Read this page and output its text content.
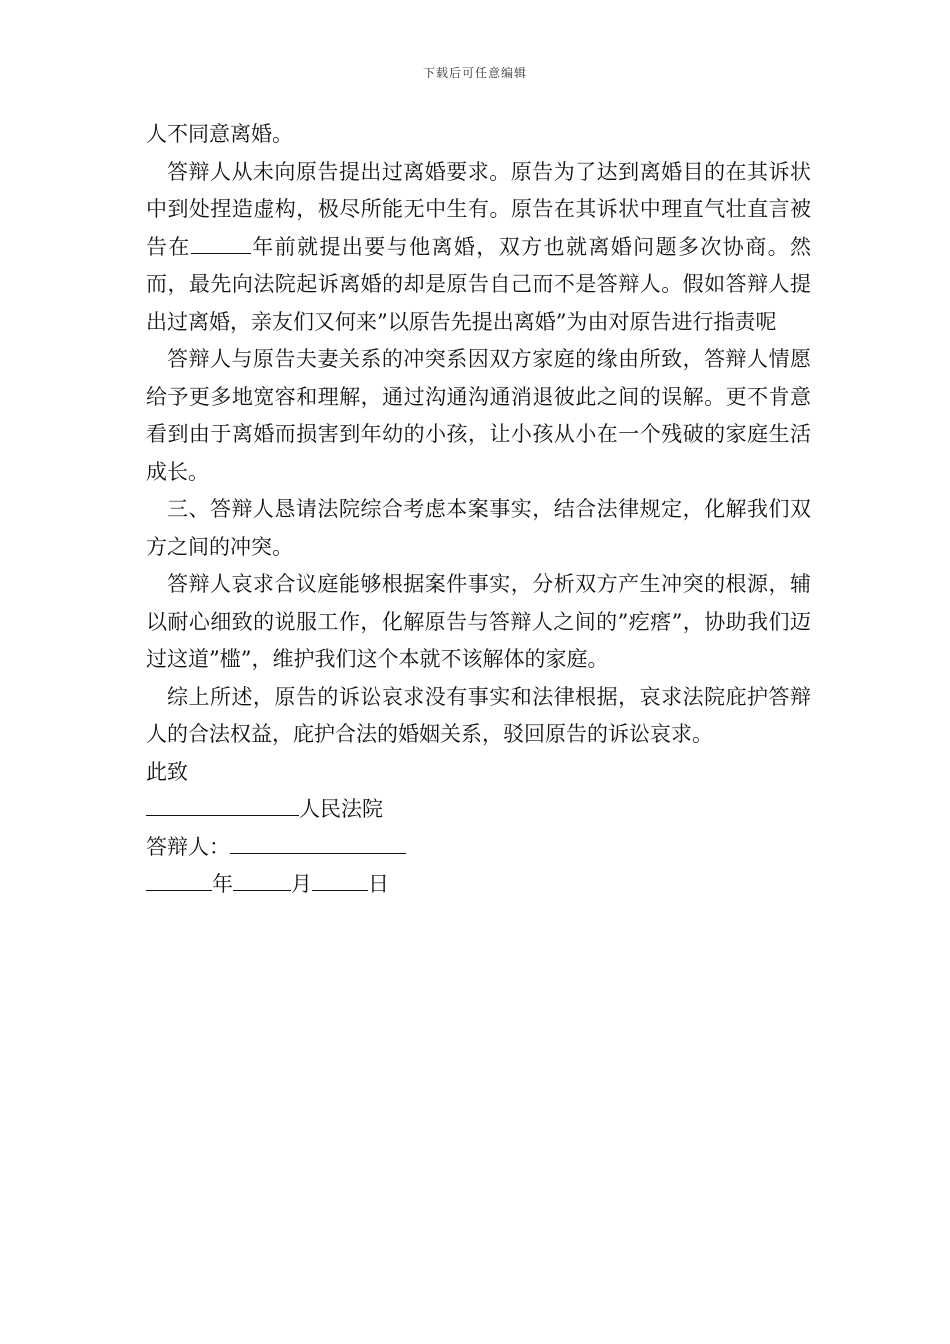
下载后可任意编辑

人不同意离婚。

答辩人从未向原告提出过离婚要求。原告为了达到离婚目的在其诉状中到处捏造虚构，极尽所能无中生有。原告在其诉状中理直气壮直言被告在	年前就提出要与他离婚，双方也就离婚问题多次协商。然而，最先向法院起诉离婚的却是原告自己而不是答辩人。假如答辩人提出过离婚，亲友们又何来”以原告先提出离婚”为由对原告进行指责呢

答辩人与原告夫妻关系的冲突系因双方家庭的缘由所致，答辩人情愿给予更多地宽容和理解，通过沟通沟通消退彼此之间的误解。更不肯意看到由于离婚而损害到年幼的小孩，让小孩从小在一个残破的家庭生活成长。

三、答辩人恳请法院综合考虑本案事实，结合法律规定，化解我们双方之间的冲突。

答辩人哀求合议庭能够根据案件事实，分析双方产生冲突的根源，辅以耐心细致的说服工作，化解原告与答辩人之间的”疙瘩”，协助我们迈过这道”槛”，维护我们这个本就不该解体的家庭。

综上所述，原告的诉讼哀求没有事实和法律根据，哀求法院庇护答辩人的合法权益，庇护合法的婚姻关系，驳回原告的诉讼哀求。

此致

人民法院

答辩人：

年	月	日
